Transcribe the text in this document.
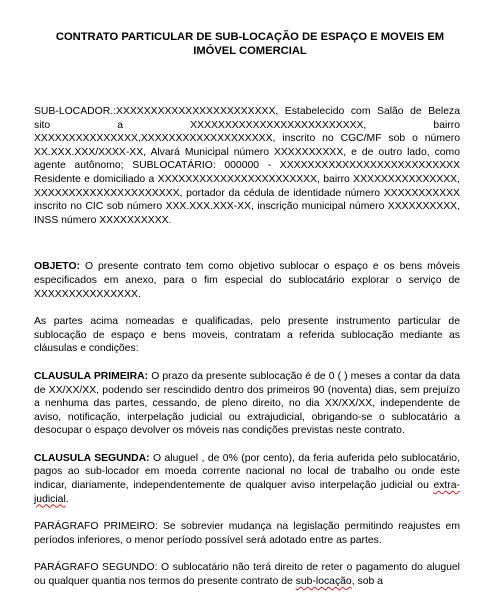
CONTRATO PARTICULAR DE SUB-LOCAÇÃO DE ESPAÇO E MOVEIS EM IMÓVEL COMERCIAL
SUB-LOCADOR.:XXXXXXXXXXXXXXXXXXXXXXX, Estabelecido com Salão de Beleza sito a XXXXXXXXXXXXXXXXXXXXXXXXX, bairro XXXXXXXXXXXXXXX,XXXXXXXXXXXXXXXXXXX, inscrito no CGC/MF sob o número XX.XXX.XXX/XXXX-XX, Alvará Municipal número XXXXXXXXXX, e de outro lado, como agente autônomo; SUBLOCATÁRIO: 000000 - XXXXXXXXXXXXXXXXXXXXXXXXXX Residente e domiciliado a XXXXXXXXXXXXXXXXXXXXXXX, bairro XXXXXXXXXXXXXXX, XXXXXXXXXXXXXXXXXXXXX, portador da cédula de identidade número XXXXXXXXXXX inscrito no CIC sob número XXX.XXX.XXX-XX, inscrição municipal número XXXXXXXXXX, INSS número XXXXXXXXXX.
OBJETO: O presente contrato tem como objetivo sublocar o espaço e os bens móveis especificados em anexo, para o fim especial do sublocatário explorar o serviço de XXXXXXXXXXXXXXX.
As partes acima nomeadas e qualificadas, pelo presente instrumento particular de sublocação de espaço e bens moveis, contratam a referida sublocação mediante as cláusulas e condições:
CLAUSULA PRIMEIRA: O prazo da presente sublocação é de 0 ( ) meses a contar da data de XX/XX/XX, podendo ser rescindido dentro dos primeiros 90 (noventa) dias, sem prejuízo a nenhuma das partes, cessando, de pleno direito, no dia XX/XX/XX, independente de aviso, notificação, interpelação judicial ou extrajudicial, obrigando-se o sublocatário a desocupar o espaço devolver os móveis nas condições previstas neste contrato.
CLAUSULA SEGUNDA: O aluguel , de 0% (por cento), da feria auferida pelo sublocatário, pagos ao sub-locador em moeda corrente nacional no local de trabalho ou onde este indicar, diariamente, independentemente de qualquer aviso interpelação judicial ou extra-judicial.
PARÁGRAFO PRIMEIRO: Se sobrevier mudança na legislação permitindo reajustes em períodos inferiores, o menor período possível será adotado entre as partes.
PARÁGRAFO SEGUNDO: O sublocatário não terá direito de reter o pagamento do aluguel ou qualquer quantia nos termos do presente contrato de sub-locação, sob a
